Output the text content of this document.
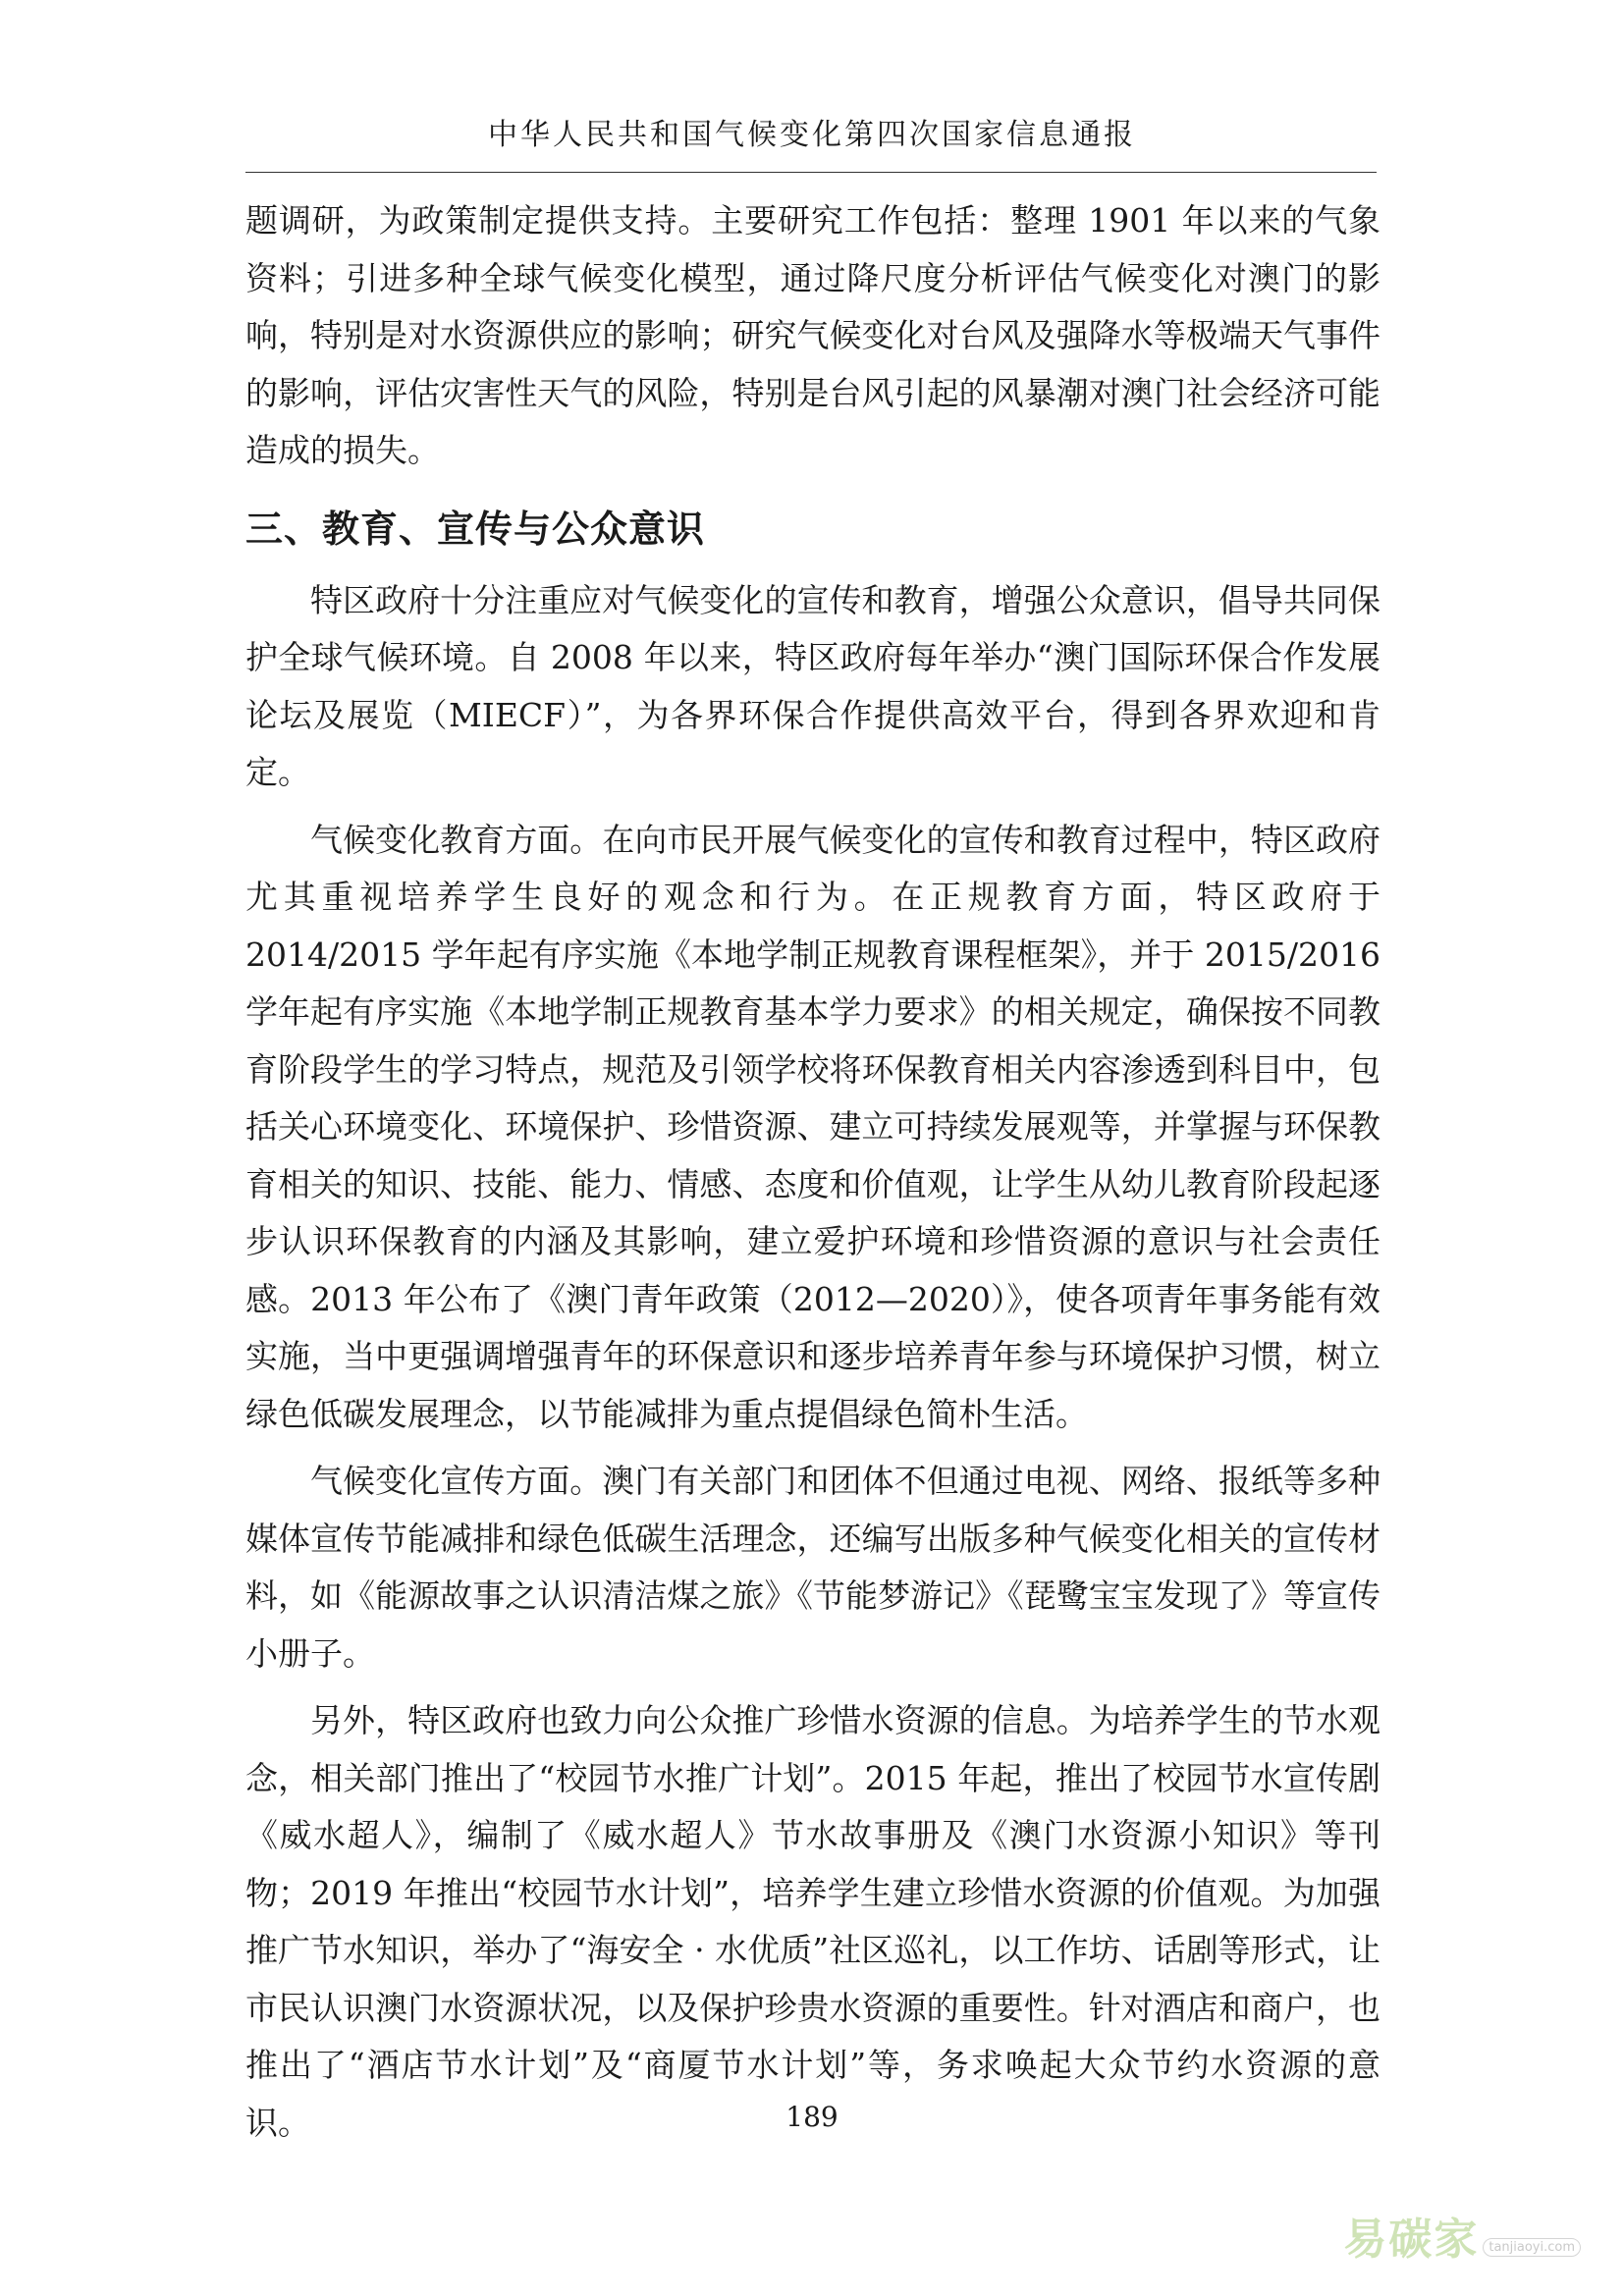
中华人民共和国气候变化第四次国家信息通报

题调研，为政策制定提供支持。主要研究工作包括：整理 1901 年以来的气象资料；引进多种全球气候变化模型，通过降尺度分析评估气候变化对澳门的影响，特别是对水资源供应的影响；研究气候变化对台风及强降水等极端天气事件的影响，评估灾害性天气的风险，特别是台风引起的风暴潮对澳门社会经济可能造成的损失。

三、教育、宣传与公众意识

特区政府十分注重应对气候变化的宣传和教育，增强公众意识，倡导共同保护全球气候环境。自 2008 年以来，特区政府每年举办“澳门国际环保合作发展论坛及展览（MIECF）”，为各界环保合作提供高效平台，得到各界欢迎和肯定。

气候变化教育方面。在向市民开展气候变化的宣传和教育过程中，特区政府尤其重视培养学生良好的观念和行为。在正规教育方面，特区政府于 2014/2015 学年起有序实施《本地学制正规教育课程框架》，并于 2015/2016 学年起有序实施《本地学制正规教育基本学力要求》的相关规定，确保按不同教育阶段学生的学习特点，规范及引领学校将环保教育相关内容渗透到科目中，包括关心环境变化、环境保护、珍惜资源、建立可持续发展观等，并掌握与环保教育相关的知识、技能、能力、情感、态度和价值观，让学生从幼儿教育阶段起逐步认识环保教育的内涵及其影响，建立爱护环境和珍惜资源的意识与社会责任感。2013 年公布了《澳门青年政策（2012—2020）》，使各项青年事务能有效实施，当中更强调增强青年的环保意识和逐步培养青年参与环境保护习惯，树立绿色低碳发展理念，以节能减排为重点提倡绿色简朴生活。

气候变化宣传方面。澳门有关部门和团体不但通过电视、网络、报纸等多种媒体宣传节能减排和绿色低碳生活理念，还编写出版多种气候变化相关的宣传材料，如《能源故事之认识清洁煤之旅》《节能梦游记》《琵鹭宝宝发现了》等宣传小册子。

另外，特区政府也致力向公众推广珍惜水资源的信息。为培养学生的节水观念，相关部门推出了“校园节水推广计划”。2015 年起，推出了校园节水宣传剧《威水超人》，编制了《威水超人》节水故事册及《澳门水资源小知识》等刊物；2019 年推出“校园节水计划”，培养学生建立珍惜水资源的价值观。为加强推广节水知识，举办了“海安全 · 水优质”社区巡礼，以工作坊、话剧等形式，让市民认识澳门水资源状况，以及保护珍贵水资源的重要性。针对酒店和商户，也推出了“酒店节水计划”及“商厦节水计划”等，务求唤起大众节约水资源的意识。	189
易碳家 tanjiaoyi.com
